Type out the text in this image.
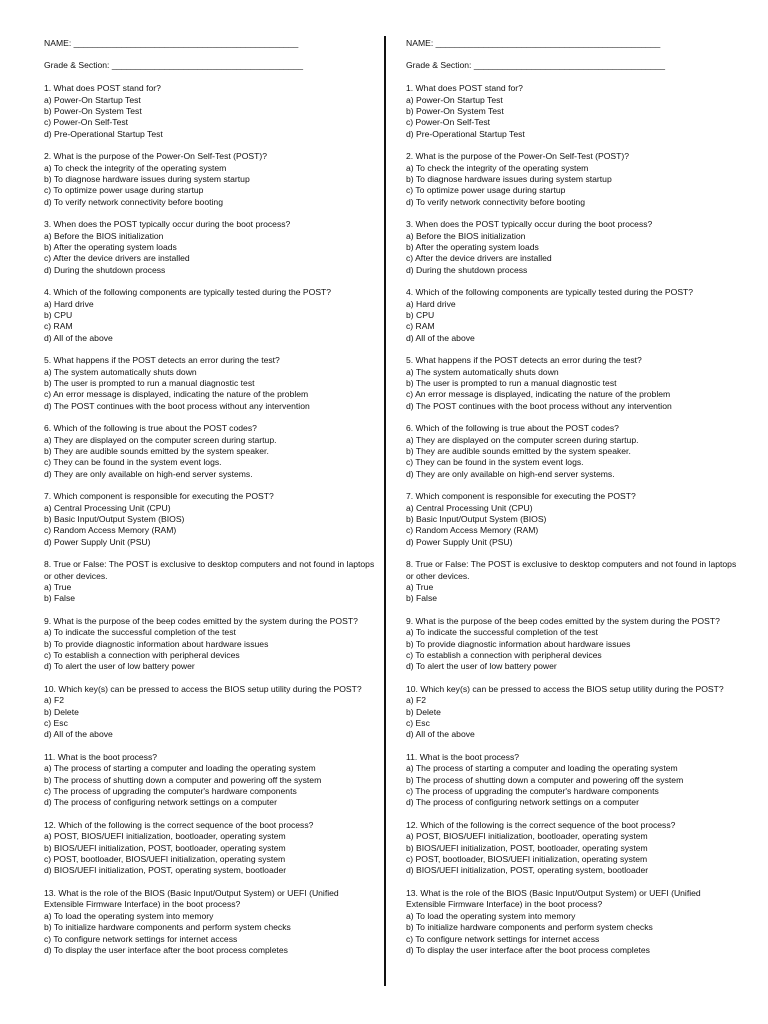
NAME: _______________________________________________

Grade & Section: ________________________________________

1. What does POST stand for?

a) Power-On Startup Test

b) Power-On System Test

c) Power-On Self-Test

d) Pre-Operational Startup Test

2. What is the purpose of the Power-On Self-Test (POST)?

a) To check the integrity of the operating system

b) To diagnose hardware issues during system startup

c) To optimize power usage during startup

d) To verify network connectivity before booting

3. When does the POST typically occur during the boot process?

a) Before the BIOS initialization

b) After the operating system loads

c) After the device drivers are installed

d) During the shutdown process

4. Which of the following components are typically tested during the POST?

a) Hard drive

b) CPU

c) RAM

d) All of the above

5. What happens if the POST detects an error during the test?

a) The system automatically shuts down

b) The user is prompted to run a manual diagnostic test

c) An error message is displayed, indicating the nature of the problem

d) The POST continues with the boot process without any intervention

6. Which of the following is true about the POST codes?

a) They are displayed on the computer screen during startup.

b) They are audible sounds emitted by the system speaker.

c) They can be found in the system event logs.

d) They are only available on high-end server systems.

7. Which component is responsible for executing the POST?

a) Central Processing Unit (CPU)

b) Basic Input/Output System (BIOS)

c) Random Access Memory (RAM)

d) Power Supply Unit (PSU)

8. True or False: The POST is exclusive to desktop computers and not found in laptops or other devices.

a) True

b) False

9. What is the purpose of the beep codes emitted by the system during the POST?

a) To indicate the successful completion of the test

b) To provide diagnostic information about hardware issues

c) To establish a connection with peripheral devices

d) To alert the user of low battery power

10. Which key(s) can be pressed to access the BIOS setup utility during the POST?

a) F2

b) Delete

c) Esc

d) All of the above

11. What is the boot process?

a) The process of starting a computer and loading the operating system

b) The process of shutting down a computer and powering off the system

c) The process of upgrading the computer's hardware components

d) The process of configuring network settings on a computer

12. Which of the following is the correct sequence of the boot process?

a) POST, BIOS/UEFI initialization, bootloader, operating system

b) BIOS/UEFI initialization, POST, bootloader, operating system

c) POST, bootloader, BIOS/UEFI initialization, operating system

d) BIOS/UEFI initialization, POST, operating system, bootloader

13. What is the role of the BIOS (Basic Input/Output System) or UEFI (Unified Extensible Firmware Interface) in the boot process?

a) To load the operating system into memory

b) To initialize hardware components and perform system checks

c) To configure network settings for internet access

d) To display the user interface after the boot process completes

NAME: _______________________________________________

Grade & Section: ________________________________________

1. What does POST stand for?

a) Power-On Startup Test

b) Power-On System Test

c) Power-On Self-Test

d) Pre-Operational Startup Test

2. What is the purpose of the Power-On Self-Test (POST)?

a) To check the integrity of the operating system

b) To diagnose hardware issues during system startup

c) To optimize power usage during startup

d) To verify network connectivity before booting

3. When does the POST typically occur during the boot process?

a) Before the BIOS initialization

b) After the operating system loads

c) After the device drivers are installed

d) During the shutdown process

4. Which of the following components are typically tested during the POST?

a) Hard drive

b) CPU

c) RAM

d) All of the above

5. What happens if the POST detects an error during the test?

a) The system automatically shuts down

b) The user is prompted to run a manual diagnostic test

c) An error message is displayed, indicating the nature of the problem

d) The POST continues with the boot process without any intervention

6. Which of the following is true about the POST codes?

a) They are displayed on the computer screen during startup.

b) They are audible sounds emitted by the system speaker.

c) They can be found in the system event logs.

d) They are only available on high-end server systems.

7. Which component is responsible for executing the POST?

a) Central Processing Unit (CPU)

b) Basic Input/Output System (BIOS)

c) Random Access Memory (RAM)

d) Power Supply Unit (PSU)

8. True or False: The POST is exclusive to desktop computers and not found in laptops or other devices.

a) True

b) False

9. What is the purpose of the beep codes emitted by the system during the POST?

a) To indicate the successful completion of the test

b) To provide diagnostic information about hardware issues

c) To establish a connection with peripheral devices

d) To alert the user of low battery power

10. Which key(s) can be pressed to access the BIOS setup utility during the POST?

a) F2

b) Delete

c) Esc

d) All of the above

11. What is the boot process?

a) The process of starting a computer and loading the operating system

b) The process of shutting down a computer and powering off the system

c) The process of upgrading the computer's hardware components

d) The process of configuring network settings on a computer

12. Which of the following is the correct sequence of the boot process?

a) POST, BIOS/UEFI initialization, bootloader, operating system

b) BIOS/UEFI initialization, POST, bootloader, operating system

c) POST, bootloader, BIOS/UEFI initialization, operating system

d) BIOS/UEFI initialization, POST, operating system, bootloader

13. What is the role of the BIOS (Basic Input/Output System) or UEFI (Unified Extensible Firmware Interface) in the boot process?

a) To load the operating system into memory

b) To initialize hardware components and perform system checks

c) To configure network settings for internet access

d) To display the user interface after the boot process completes
